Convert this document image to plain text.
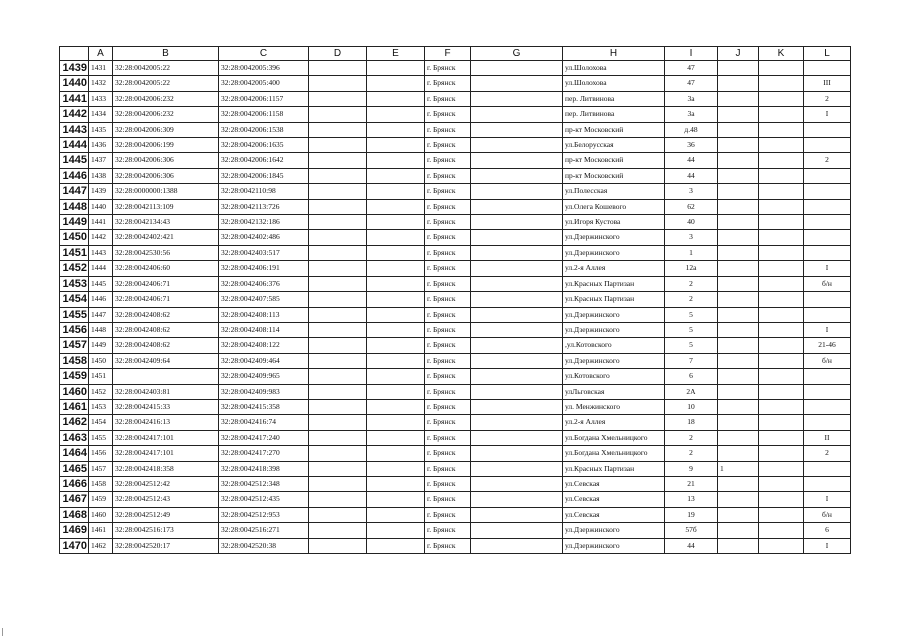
	A	B	C	D	E	F	G	H	I	J	K	L
1439	1431	32:28:0042005:22	32:28:0042005:396			г. Брянск		ул.Шолохова	47			
1440	1432	32:28:0042005:22	32:28:0042005:400			г. Брянск		ул.Шолохова	47			III
1441	1433	32:28:0042006:232	32:28:0042006:1157			г. Брянск		пер. Литвинова	3а			2
1442	1434	32:28:0042006:232	32:28:0042006:1158			г. Брянск		пер. Литвинова	3а			I
1443	1435	32:28:0042006:309	32:28:0042006:1538			г. Брянск		пр-кт Московский	д.48			
1444	1436	32:28:0042006:199	32:28:0042006:1635			г. Брянск		ул.Белорусская	36			
1445	1437	32:28:0042006:306	32:28:0042006:1642			г. Брянск		пр-кт Московский	44			2
1446	1438	32:28:0042006:306	32:28:0042006:1845			г. Брянск		пр-кт Московский	44			
1447	1439	32:28:0000000:1388	32:28:0042110:98			г. Брянск		ул.Полесская	3			
1448	1440	32:28:0042113:109	32:28:0042113:726			г. Брянск		ул.Олега Кошевого	62			
1449	1441	32:28:0042134:43	32:28:0042132:186			г. Брянск		ул.Игоря Кустова	40			
1450	1442	32:28:0042402:421	32:28:0042402:486			г. Брянск		ул.Дзержинского	3			
1451	1443	32:28:0042530:56	32:28:0042403:517			г. Брянск		ул.Дзержинского	1			
1452	1444	32:28:0042406:60	32:28:0042406:191			г. Брянск		ул.2-я Аллея	12а			I
1453	1445	32:28:0042406:71	32:28:0042406:376			г. Брянск		ул.Красных Партизан	2			б/н
1454	1446	32:28:0042406:71	32:28:0042407:585			г. Брянск		ул.Красных Партизан	2			
1455	1447	32:28:0042408:62	32:28:0042408:113			г. Брянск		ул.Дзержинского	5			
1456	1448	32:28:0042408:62	32:28:0042408:114			г. Брянск		ул.Дзержинского	5			I
1457	1449	32:28:0042408:62	32:28:0042408:122			г. Брянск		,ул.Котовского	5			21-46
1458	1450	32:28:0042409:64	32:28:0042409:464			г. Брянск		ул.Дзержинского	7			б/н
1459	1451		32:28:0042409:965			г. Брянск		ул.Котовского	6			
1460	1452	32:28:0042403:81	32:28:0042409:983			г. Брянск		улЛьговская	2А			
1461	1453	32:28:0042415:33	32:28:0042415:358			г. Брянск		ул. Менжинского	10			
1462	1454	32:28:0042416:13	32:28:0042416:74			г. Брянск		ул.2-я Аллея	18			
1463	1455	32:28:0042417:101	32:28:0042417:240			г. Брянск		ул.Богдана Хмельницкого	2			II
1464	1456	32:28:0042417:101	32:28:0042417:270			г. Брянск		ул.Богдана Хмельницкого	2			2
1465	1457	32:28:0042418:358	32:28:0042418:398			г. Брянск		ул.Красных Партизан	9	1		
1466	1458	32:28:0042512:42	32:28:0042512:348			г. Брянск		ул.Севская	21			
1467	1459	32:28:0042512:43	32:28:0042512:435			г. Брянск		ул.Севская	13			I
1468	1460	32:28:0042512:49	32:28:0042512:953			г. Брянск		ул.Севская	19			б/н
1469	1461	32:28:0042516:173	32:28:0042516:271			г. Брянск		ул.Дзержинского	57б			6
1470	1462	32:28:0042520:17	32:28:0042520:38			г. Брянск		ул.Дзержинского	44			I
